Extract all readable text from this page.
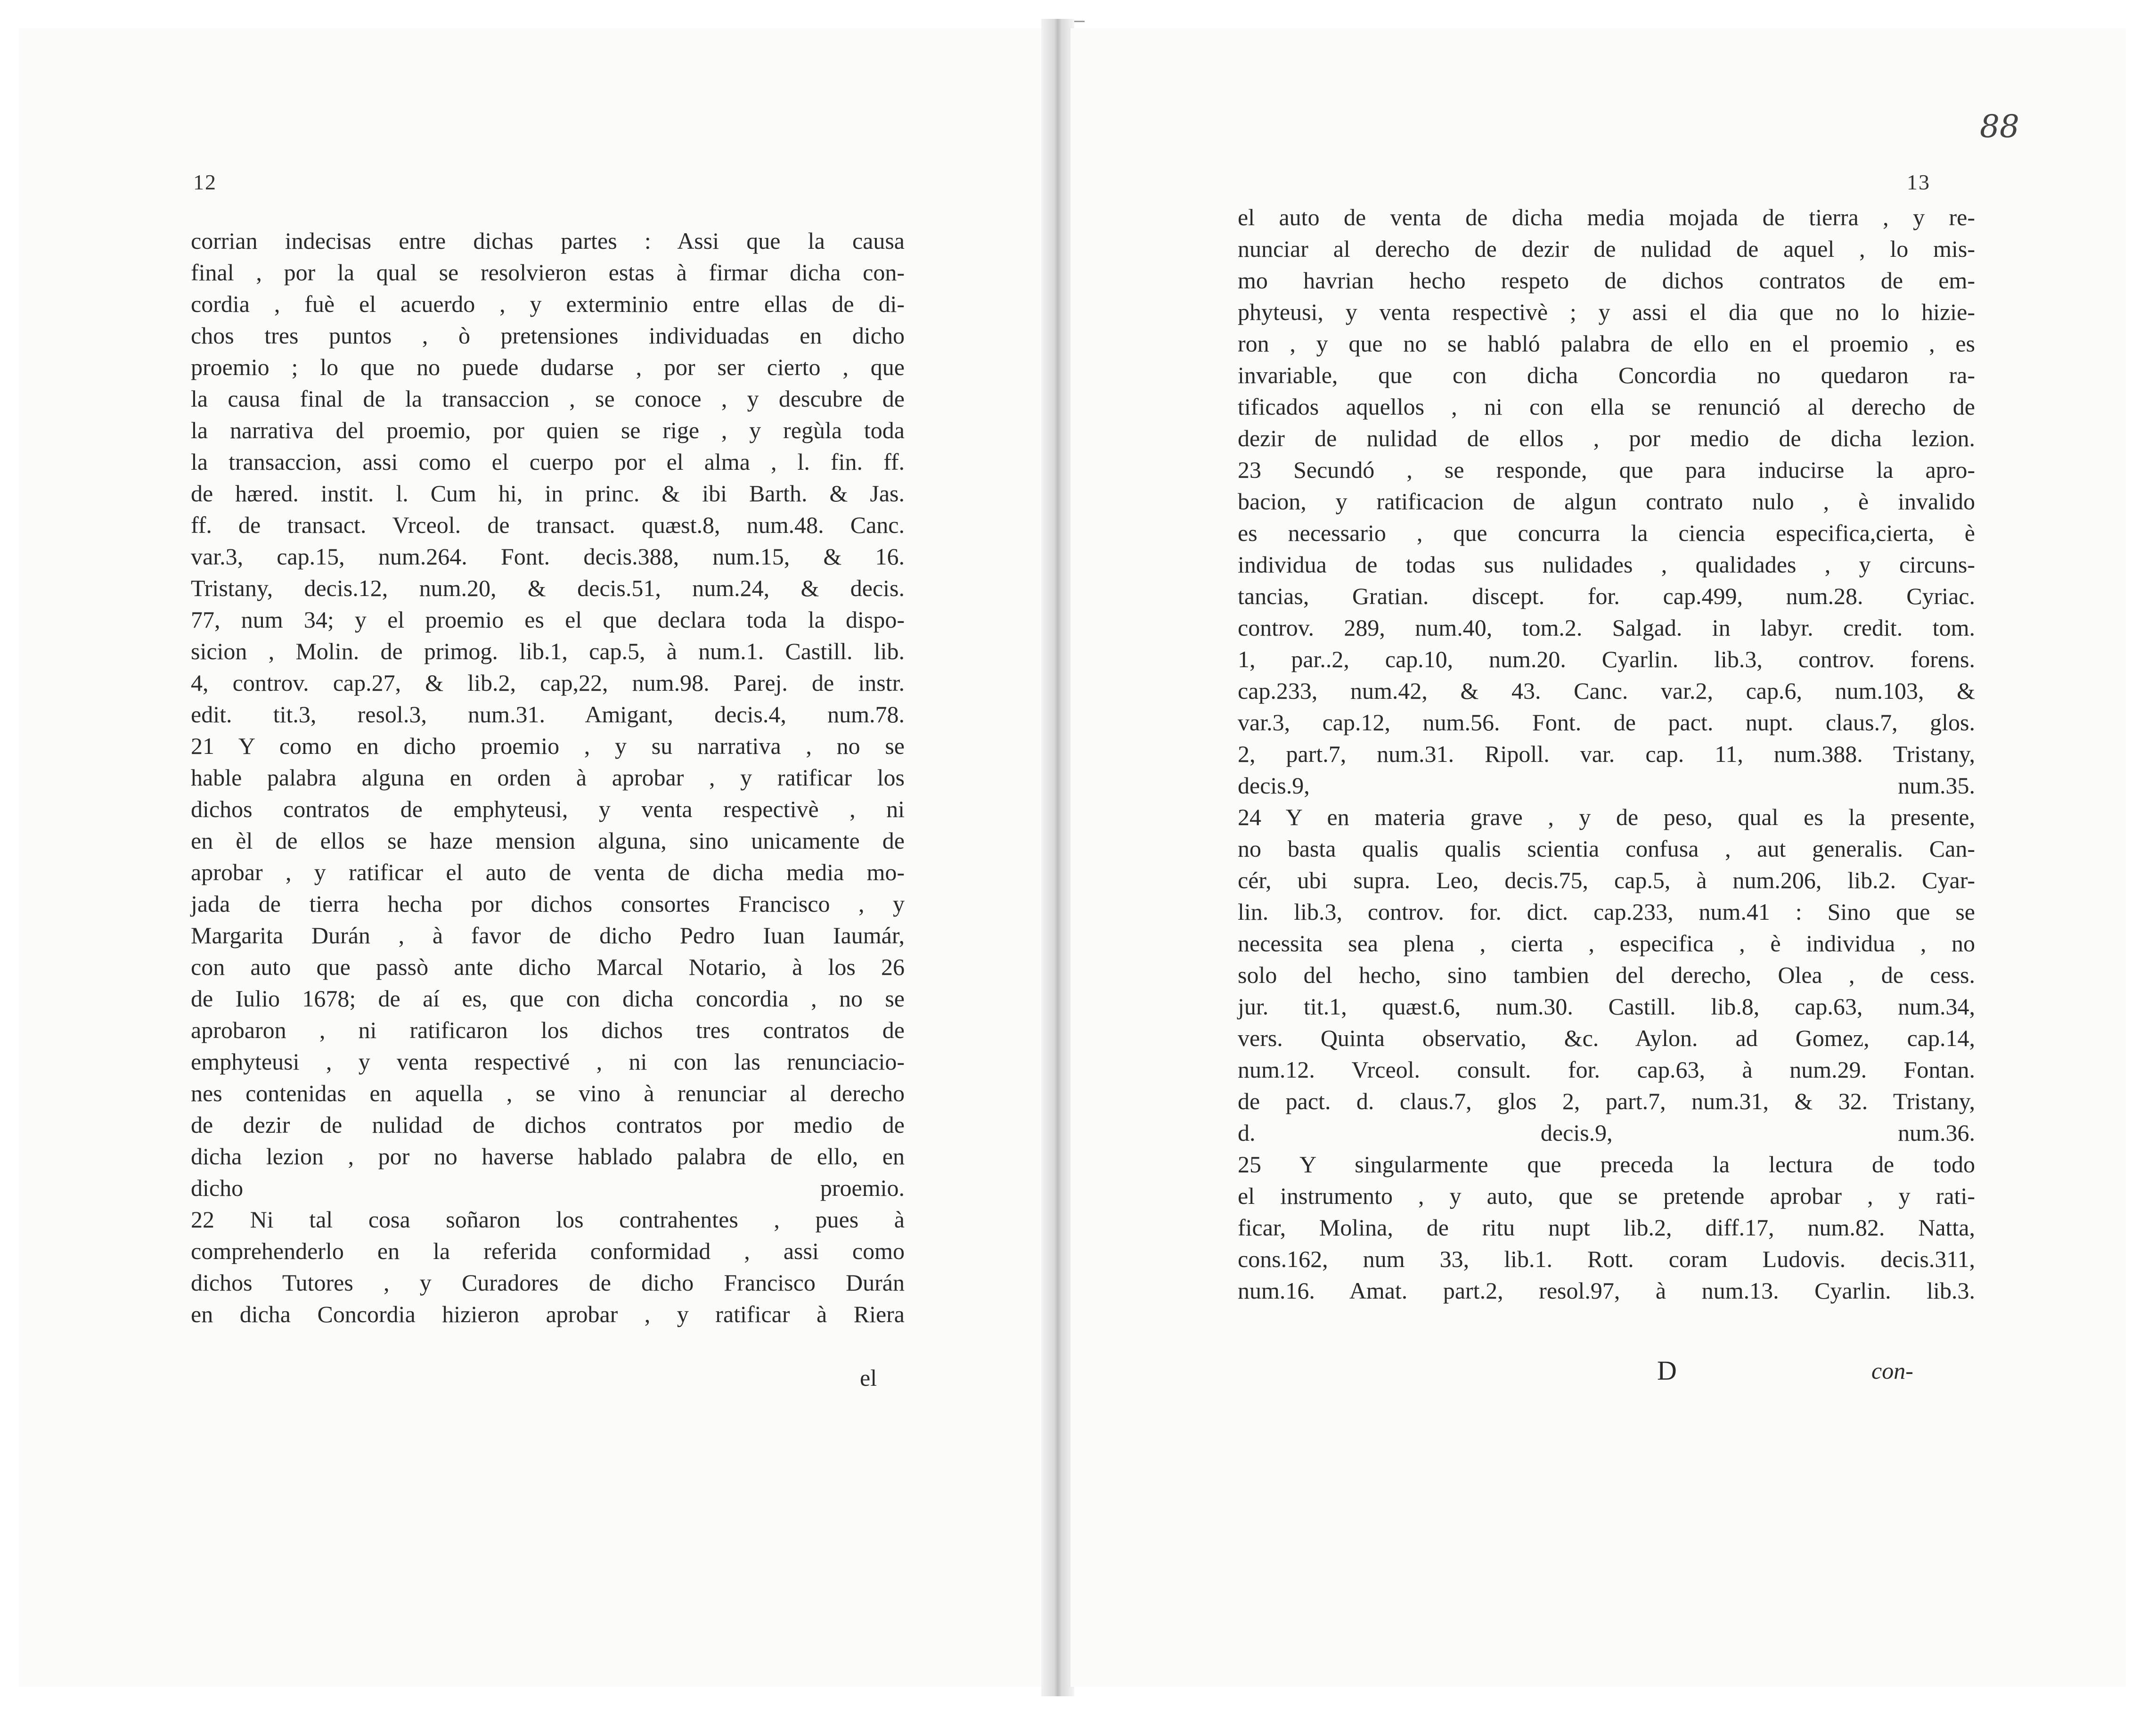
12
corrian indecisas entre dichas partes : Assi que la causa
final , por la qual se resolvieron estas à firmar dicha con-
cordia , fuè el acuerdo , y exterminio entre ellas de di-
chos tres puntos , ò pretensiones individuadas en dicho
proemio ; lo que no puede dudarse , por ser cierto , que
la causa final de la transaccion , se conoce , y descubre de
la narrativa del proemio, por quien se rige , y regùla toda
la transaccion, assi como el cuerpo por el alma , l. fin. ff.
de hæred. instit. l. Cum hi, in princ. & ibi Barth. & Jas.
ff. de transact. Vrceol. de transact. quæst.8, num.48. Canc.
var.3, cap.15, num.264. Font. decis.388, num.15, & 16.
Tristany, decis.12, num.20, & decis.51, num.24, & decis.
77, num 34; y el proemio es el que declara toda la dispo-
sicion , Molin. de primog. lib.1, cap.5, à num.1. Castill. lib.
4, controv. cap.27, & lib.2, cap,22, num.98. Parej. de instr.
edit. tit.3, resol.3, num.31. Amigant, decis.4, num.78.
21 Y como en dicho proemio , y su narrativa , no se
hable palabra alguna en orden à aprobar , y ratificar los
dichos contratos de emphyteusi, y venta respectivè , ni
en èl de ellos se haze mension alguna, sino unicamente de
aprobar , y ratificar el auto de venta de dicha media mo-
jada de tierra hecha por dichos consortes Francisco , y
Margarita Durán , à favor de dicho Pedro Iuan Iaumár,
con auto que passò ante dicho Marcal Notario, à los 26
de Iulio 1678; de aí es, que con dicha concordia , no se
aprobaron , ni ratificaron los dichos tres contratos de
emphyteusi , y venta respectivé , ni con las renunciacio-
nes contenidas en aquella , se vino à renunciar al derecho
de dezir de nulidad de dichos contratos por medio de
dicha lezion , por no haverse hablado palabra de ello, en
dicho proemio.
22 Ni tal cosa soñaron los contrahentes , pues à
comprehenderlo en la referida conformidad , assi como
dichos Tutores , y Curadores de dicho Francisco Durán
en dicha Concordia hizieron aprobar , y ratificar à Riera
el
88
13
el auto de venta de dicha media mojada de tierra , y re-
nunciar al derecho de dezir de nulidad de aquel , lo mis-
mo havrian hecho respeto de dichos contratos de em-
phyteusi, y venta respectivè ; y assi el dia que no lo hizie-
ron , y que no se habló palabra de ello en el proemio , es
invariable, que con dicha Concordia no quedaron ra-
tificados aquellos , ni con ella se renunció al derecho de
dezir de nulidad de ellos , por medio de dicha lezion.
23 Secundó , se responde, que para inducirse la apro-
bacion, y ratificacion de algun contrato nulo , è invalido
es necessario , que concurra la ciencia especifica,cierta, è
individua de todas sus nulidades , qualidades , y circuns-
tancias, Gratian. discept. for. cap.499, num.28. Cyriac.
controv. 289, num.40, tom.2. Salgad. in labyr. credit. tom.
1, par..2, cap.10, num.20. Cyarlin. lib.3, controv. forens.
cap.233, num.42, & 43. Canc. var.2, cap.6, num.103, &
var.3, cap.12, num.56. Font. de pact. nupt. claus.7, glos.
2, part.7, num.31. Ripoll. var. cap. 11, num.388. Tristany,
decis.9, num.35.
24 Y en materia grave , y de peso, qual es la presente,
no basta qualis qualis scientia confusa , aut generalis. Can-
cér, ubi supra. Leo, decis.75, cap.5, à num.206, lib.2. Cyar-
lin. lib.3, controv. for. dict. cap.233, num.41 : Sino que se
necessita sea plena , cierta , especifica , è individua , no
solo del hecho, sino tambien del derecho, Olea , de cess.
jur. tit.1, quæst.6, num.30. Castill. lib.8, cap.63, num.34,
vers. Quinta observatio, &c. Aylon. ad Gomez, cap.14,
num.12. Vrceol. consult. for. cap.63, à num.29. Fontan.
de pact. d. claus.7, glos 2, part.7, num.31, & 32. Tristany,
d. decis.9, num.36.
25 Y singularmente que preceda la lectura de todo
el instrumento , y auto, que se pretende aprobar , y rati-
ficar, Molina, de ritu nupt lib.2, diff.17, num.82. Natta,
cons.162, num 33, lib.1. Rott. coram Ludovis. decis.311,
num.16. Amat. part.2, resol.97, à num.13. Cyarlin. lib.3.
D	con-
